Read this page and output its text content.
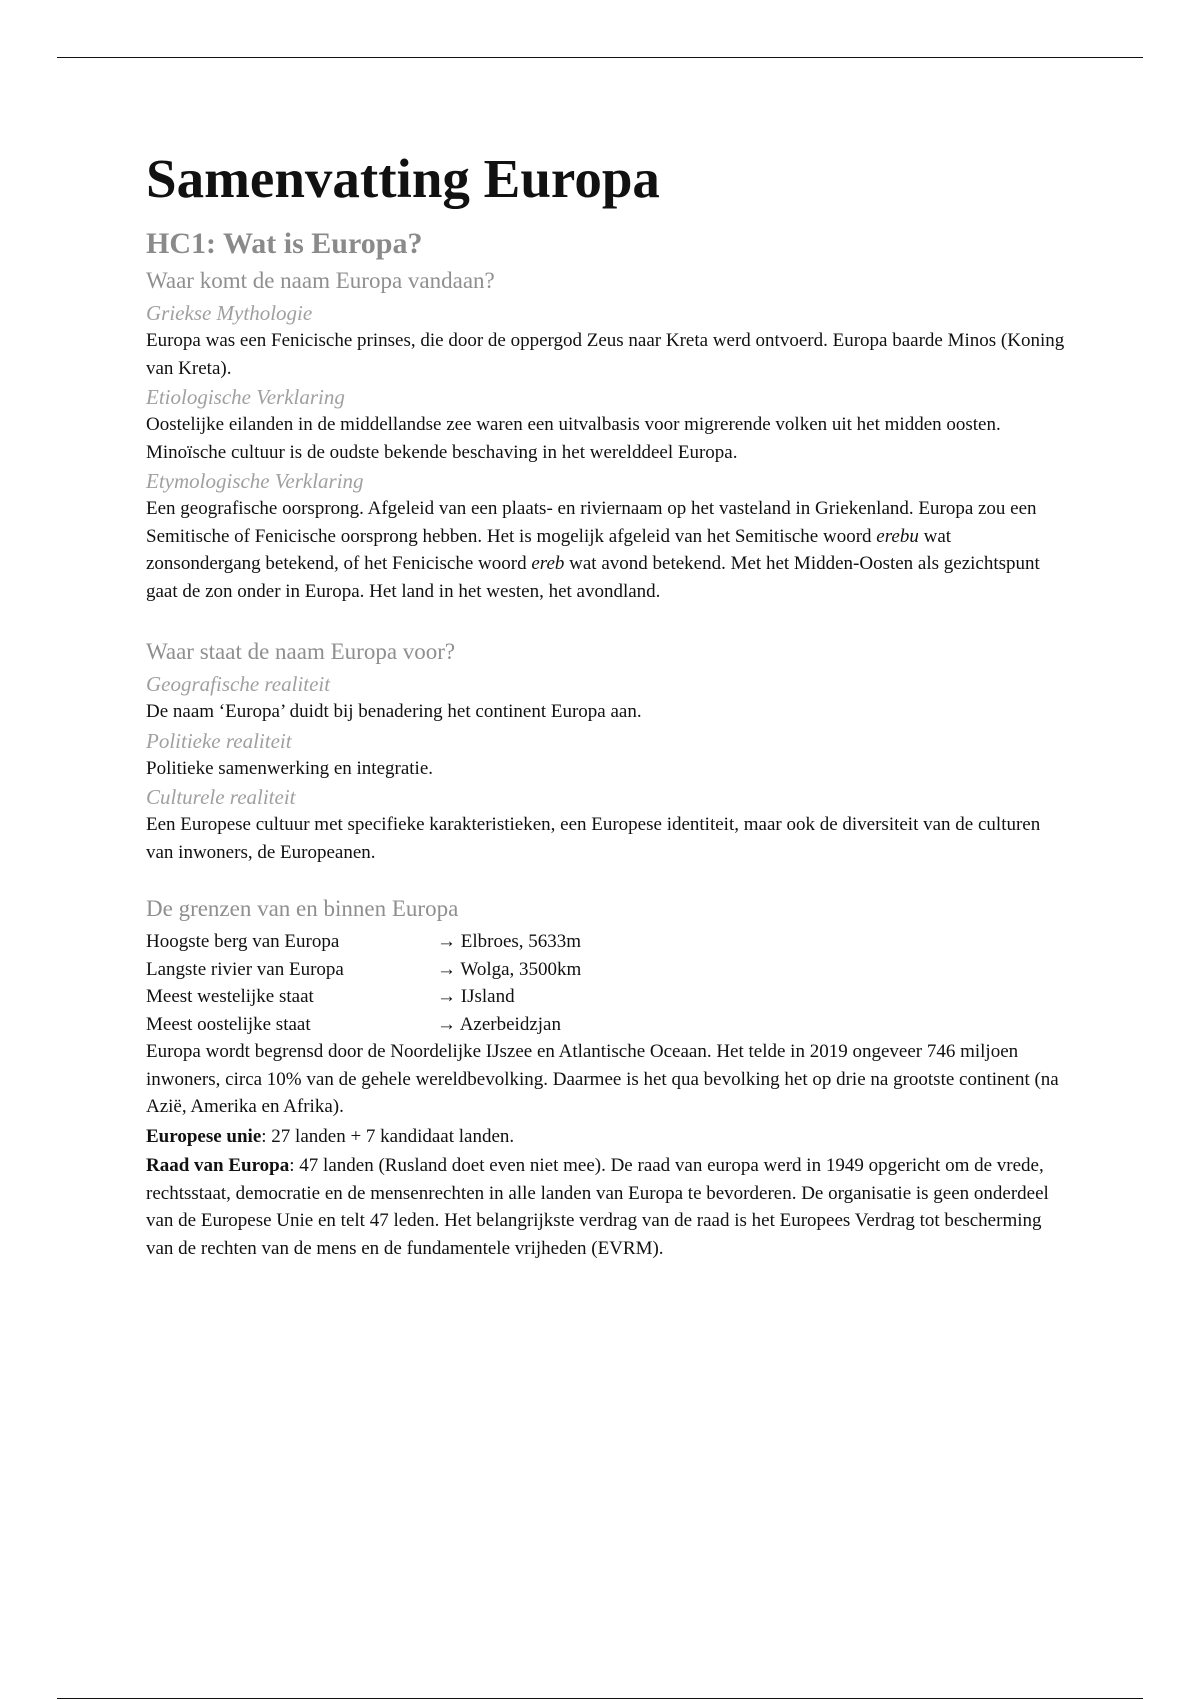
Samenvatting Europa
HC1: Wat is Europa?
Waar komt de naam Europa vandaan?
Griekse Mythologie

Europa was een Fenicische prinses, die door de oppergod Zeus naar Kreta werd ontvoerd. Europa baarde Minos (Koning van Kreta).

Etiologische Verklaring

Oostelijke eilanden in de middellandse zee waren een uitvalbasis voor migrerende volken uit het midden oosten. Minoïsche cultuur is de oudste bekende beschaving in het werelddeel Europa.

Etymologische Verklaring

Een geografische oorsprong. Afgeleid van een plaats- en riviernaam op het vasteland in Griekenland. Europa zou een Semitische of Fenicische oorsprong hebben. Het is mogelijk afgeleid van het Semitische woord erebu wat zonsondergang betekend, of het Fenicische woord ereb wat avond betekend. Met het Midden-Oosten als gezichtspunt gaat de zon onder in Europa. Het land in het westen, het avondland.

Waar staat de naam Europa voor?
Geografische realiteit

De naam ‘Europa’ duidt bij benadering het continent Europa aan.

Politieke realiteit

Politieke samenwerking en integratie.

Culturele realiteit

Een Europese cultuur met specifieke karakteristieken, een Europese identiteit, maar ook de diversiteit van de culturen van inwoners, de Europeanen.

De grenzen van en binnen Europa
Hoogste berg van Europa	→ Elbroes, 5633m
Langste rivier van Europa	→ Wolga, 3500km
Meest westelijke staat	→ IJsland
Meest oostelijke staat	→ Azerbeidzjan

Europa wordt begrensd door de Noordelijke IJszee en Atlantische Oceaan. Het telde in 2019 ongeveer 746 miljoen inwoners, circa 10% van de gehele wereldbevolking. Daarmee is het qua bevolking het op drie na grootste continent (na Azië, Amerika en Afrika).

Europese unie: 27 landen + 7 kandidaat landen.

Raad van Europa: 47 landen (Rusland doet even niet mee). De raad van europa werd in 1949 opgericht om de vrede, rechtsstaat, democratie en de mensenrechten in alle landen van Europa te bevorderen. De organisatie is geen onderdeel van de Europese Unie en telt 47 leden. Het belangrijkste verdrag van de raad is het Europees Verdrag tot bescherming van de rechten van de mens en de fundamentele vrijheden (EVRM).
